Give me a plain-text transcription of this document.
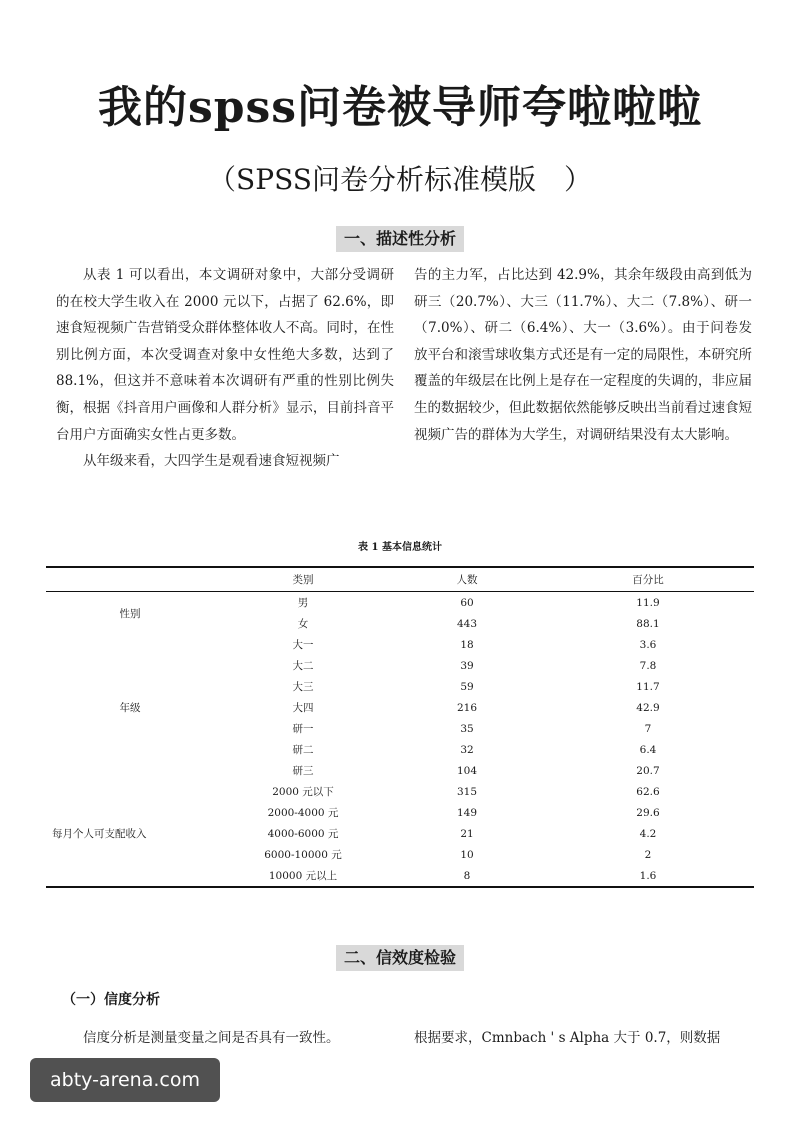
我的spss问卷被导师夸啦啦啦
（SPSS问卷分析标准模版　）
一、描述性分析

从表 1 可以看出，本文调研对象中，大部分受调研的在校大学生收入在 2000 元以下，占据了 62.6%，即速食短视频广告营销受众群体整体收人不高。同时，在性别比例方面，本次受调查对象中女性绝大多数，达到了 88.1%，但这并不意味着本次调研有严重的性别比例失衡，根据《抖音用户画像和人群分析》显示，目前抖音平台用户方面确实女性占更多数。

从年级来看，大四学生是观看速食短视频广

告的主力军，占比达到 42.9%，其余年级段由高到低为研三（20.7%）、大三（11.7%）、大二（7.8%）、研一（7.0%）、研二（6.4%）、大一（3.6%）。由于问卷发放平台和滚雪球收集方式还是有一定的局限性，本研究所覆盖的年级层在比例上是存在一定程度的失调的，非应届生的数据较少，但此数据依然能够反映出当前看过速食短视频广告的群体为大学生，对调研结果没有太大影响。

表 1 基本信息统计
	类别	人数	百分比
性别	男	60	11.9
	女	443	88.1
年级	大一	18	3.6
	大二	39	7.8
	大三	59	11.7
	大四	216	42.9
	研一	35	7
	研二	32	6.4
	研三	104	20.7
每月个人可支配收入	2000 元以下	315	62.6
	2000-4000 元	149	29.6
	4000-6000 元	21	4.2
	6000-10000 元	10	2
	10000 元以上	8	1.6
二、信效度检验
（一）信度分析
信度分析是测量变量之间是否具有一致性。	根据要求，Cmnbach ' s Alpha 大于 0.7，则数据
abty-arena.com
